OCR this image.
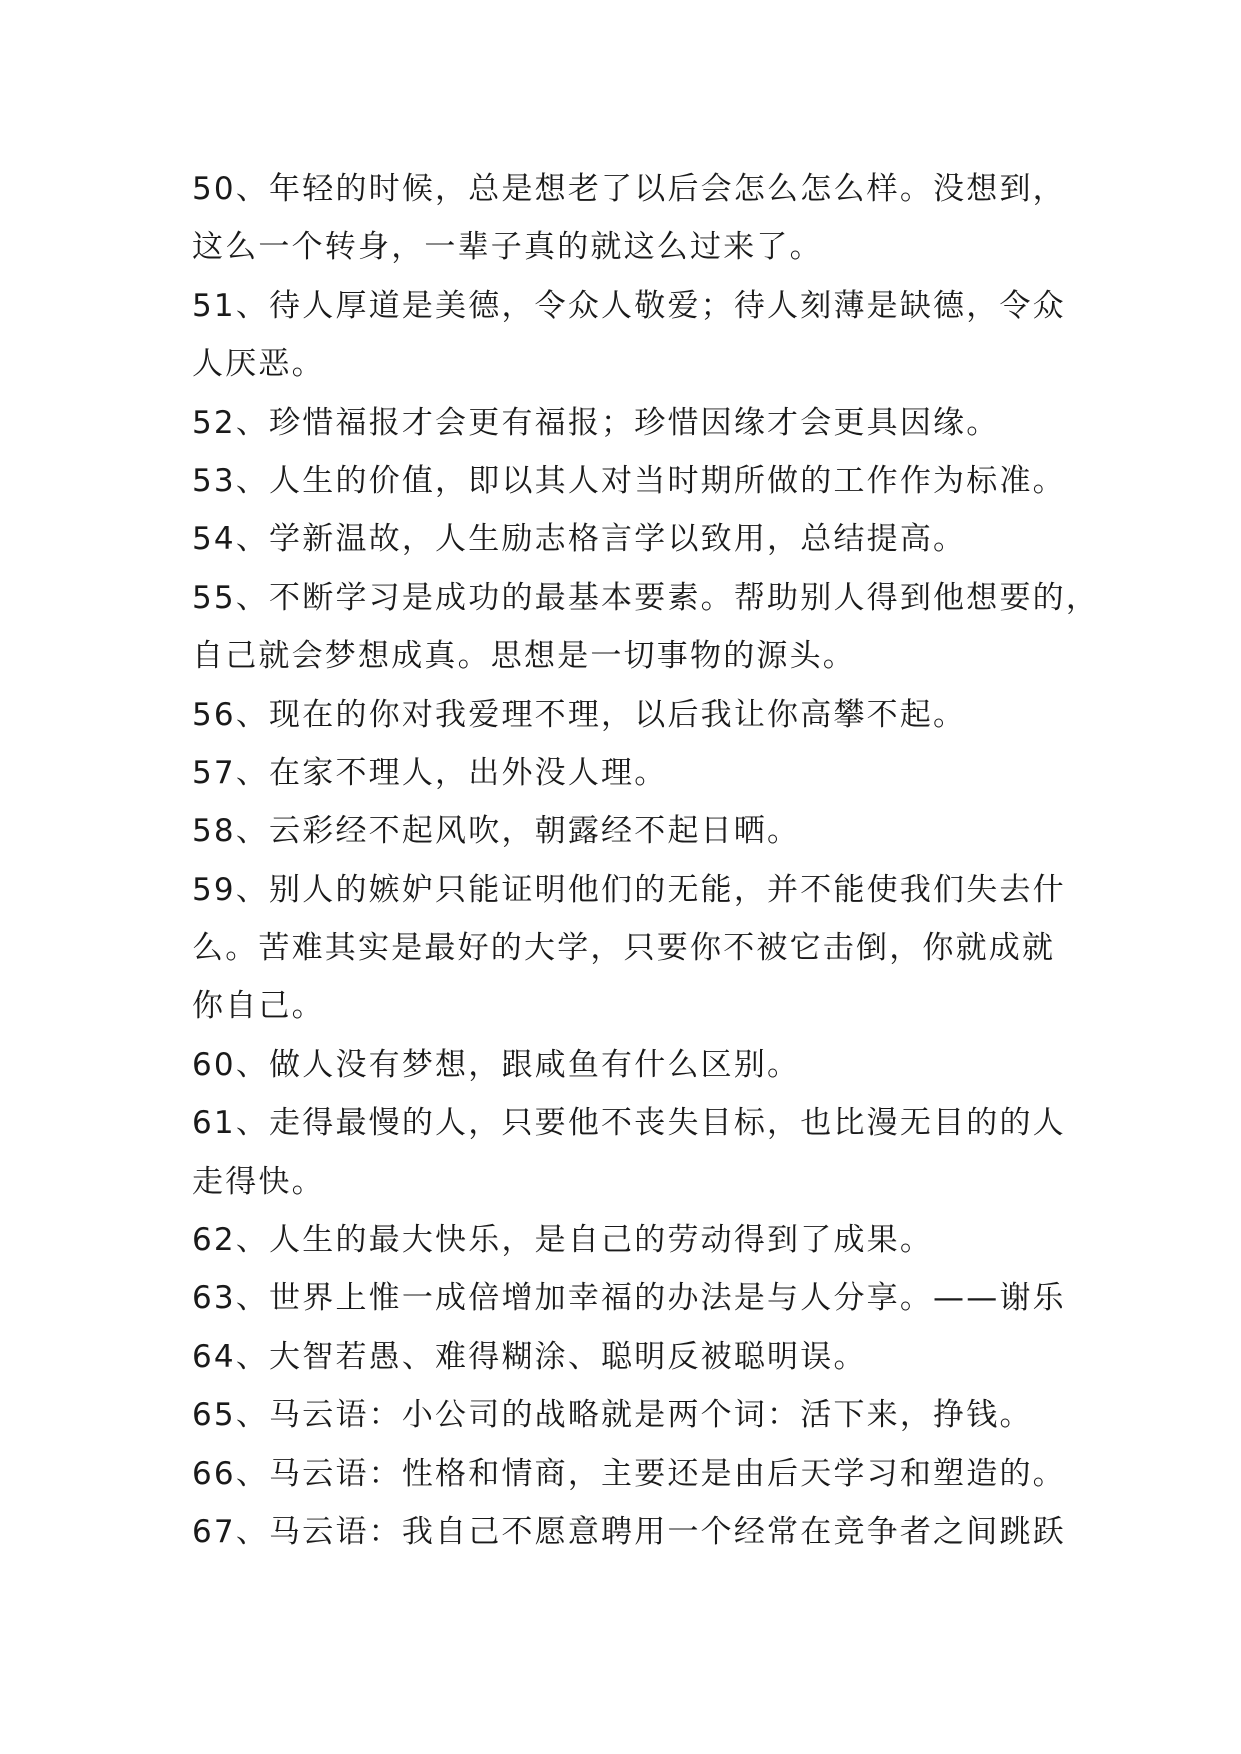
50、年轻的时候，总是想老了以后会怎么怎么样。没想到，
这么一个转身，一辈子真的就这么过来了。
51、待人厚道是美德，令众人敬爱；待人刻薄是缺德，令众
人厌恶。
52、珍惜福报才会更有福报；珍惜因缘才会更具因缘。
53、人生的价值，即以其人对当时期所做的工作作为标准。
54、学新温故，人生励志格言学以致用，总结提高。
55、不断学习是成功的最基本要素。帮助别人得到他想要的，
自己就会梦想成真。思想是一切事物的源头。
56、现在的你对我爱理不理，以后我让你高攀不起。
57、在家不理人，出外没人理。
58、云彩经不起风吹，朝露经不起日晒。
59、别人的嫉妒只能证明他们的无能，并不能使我们失去什
么。苦难其实是最好的大学，只要你不被它击倒，你就成就
你自己。
60、做人没有梦想，跟咸鱼有什么区别。
61、走得最慢的人，只要他不丧失目标，也比漫无目的的人
走得快。
62、人生的最大快乐，是自己的劳动得到了成果。
63、世界上惟一成倍增加幸福的办法是与人分享。——谢乐
64、大智若愚、难得糊涂、聪明反被聪明误。
65、马云语：小公司的战略就是两个词：活下来，挣钱。
66、马云语：性格和情商，主要还是由后天学习和塑造的。
67、马云语：我自己不愿意聘用一个经常在竞争者之间跳跃
